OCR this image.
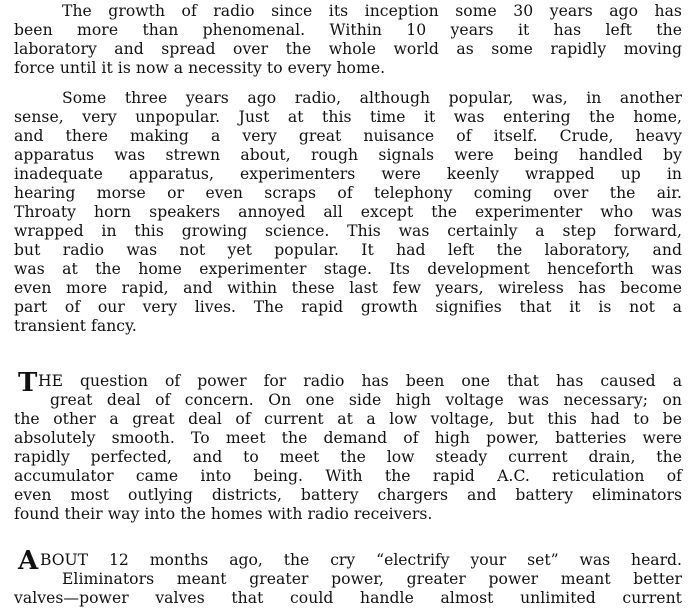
The growth of radio since its inception some 30 years ago has
been more than phenomenal. Within 10 years it has left the
laboratory and spread over the whole world as some rapidly moving
force until it is now a necessity to every home.
Some three years ago radio, although popular, was, in another
sense, very unpopular. Just at this time it was entering the home,
and there making a very great nuisance of itself. Crude, heavy
apparatus was strewn about, rough signals were being handled by
inadequate apparatus, experimenters were keenly wrapped up in
hearing morse or even scraps of telephony coming over the air.
Throaty horn speakers annoyed all except the experimenter who was
wrapped in this growing science. This was certainly a step forward,
but radio was not yet popular. It had left the laboratory, and
was at the home experimenter stage. Its development henceforth was
even more rapid, and within these last few years, wireless has become
part of our very lives. The rapid growth signifies that it is not a
transient fancy.
T HE question of power for radio has been one that has caused a
great deal of concern. On one side high voltage was necessary; on
the other a great deal of current at a low voltage, but this had to be
absolutely smooth. To meet the demand of high power, batteries were
rapidly perfected, and to meet the low steady current drain, the
accumulator came into being. With the rapid A.C. reticulation of
even most outlying districts, battery chargers and battery eliminators
found their way into the homes with radio receivers.
A BOUT 12 months ago, the cry “electrify your set” was heard.
Eliminators meant greater power, greater power meant better
valves—power valves that could handle almost unlimited current
